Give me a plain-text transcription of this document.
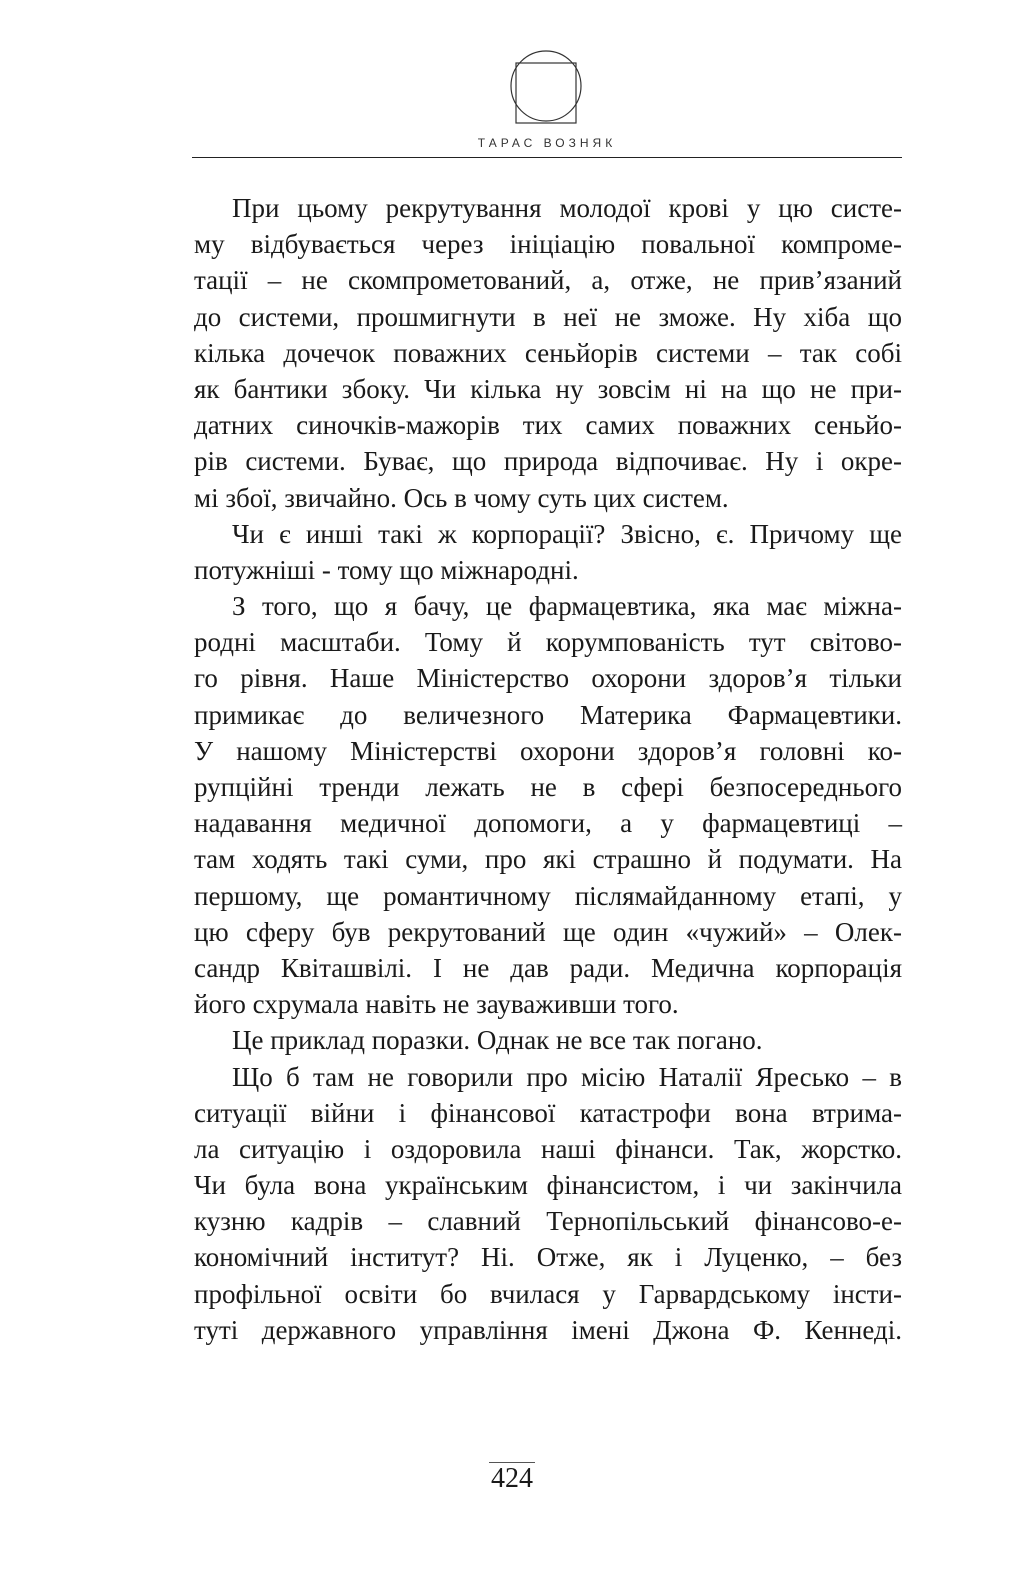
ТАРАС ВОЗНЯК
При цьому рекрутування молодої крові у цю систе-
му відбувається через ініціацію повальної компроме-
тації – не скомпрометований, а, отже, не прив’язаний
до системи, прошмигнути в неї не зможе. Ну хіба що
кілька дочечок поважних сеньйорів системи – так собі
як бантики збоку. Чи кілька ну зовсім ні на що не при-
датних синочків-мажорів тих самих поважних сеньйо-
рів системи. Буває, що природа відпочиває. Ну і окре-
мі збої, звичайно. Ось в чому суть цих систем.
Чи є инші такі ж корпорації? Звісно, є. Причому ще
потужніші - тому що міжнародні.
З того, що я бачу, це фармацевтика, яка має міжна-
родні масштаби. Тому й корумпованість тут світово-
го рівня. Наше Міністерство охорони здоров’я тільки
примикає до величезного Материка Фармацевтики.
У нашому Міністерстві охорони здоров’я головні ко-
рупційні тренди лежать не в сфері безпосереднього
надавання медичної допомоги, а у фармацевтиці –
там ходять такі суми, про які страшно й подумати. На
першому, ще романтичному післямайданному етапі, у
цю сферу був рекрутований ще один «чужий» – Олек-
сандр Квіташвілі. І не дав ради. Медична корпорація
його схрумала навіть не зауваживши того.
Це приклад поразки. Однак не все так погано.
Що б там не говорили про місію Наталії Яресько – в
ситуації війни і фінансової катастрофи вона втрима-
ла ситуацію і оздоровила наші фінанси. Так, жорстко.
Чи була вона українським фінансистом, і чи закінчила
кузню кадрів – славний Тернопільський фінансово-е-
кономічний інститут? Ні. Отже, як і Луценко, – без
профільної освіти бо вчилася у Гарвардському інсти-
туті державного управління імені Джона Ф. Кеннеді.
424
